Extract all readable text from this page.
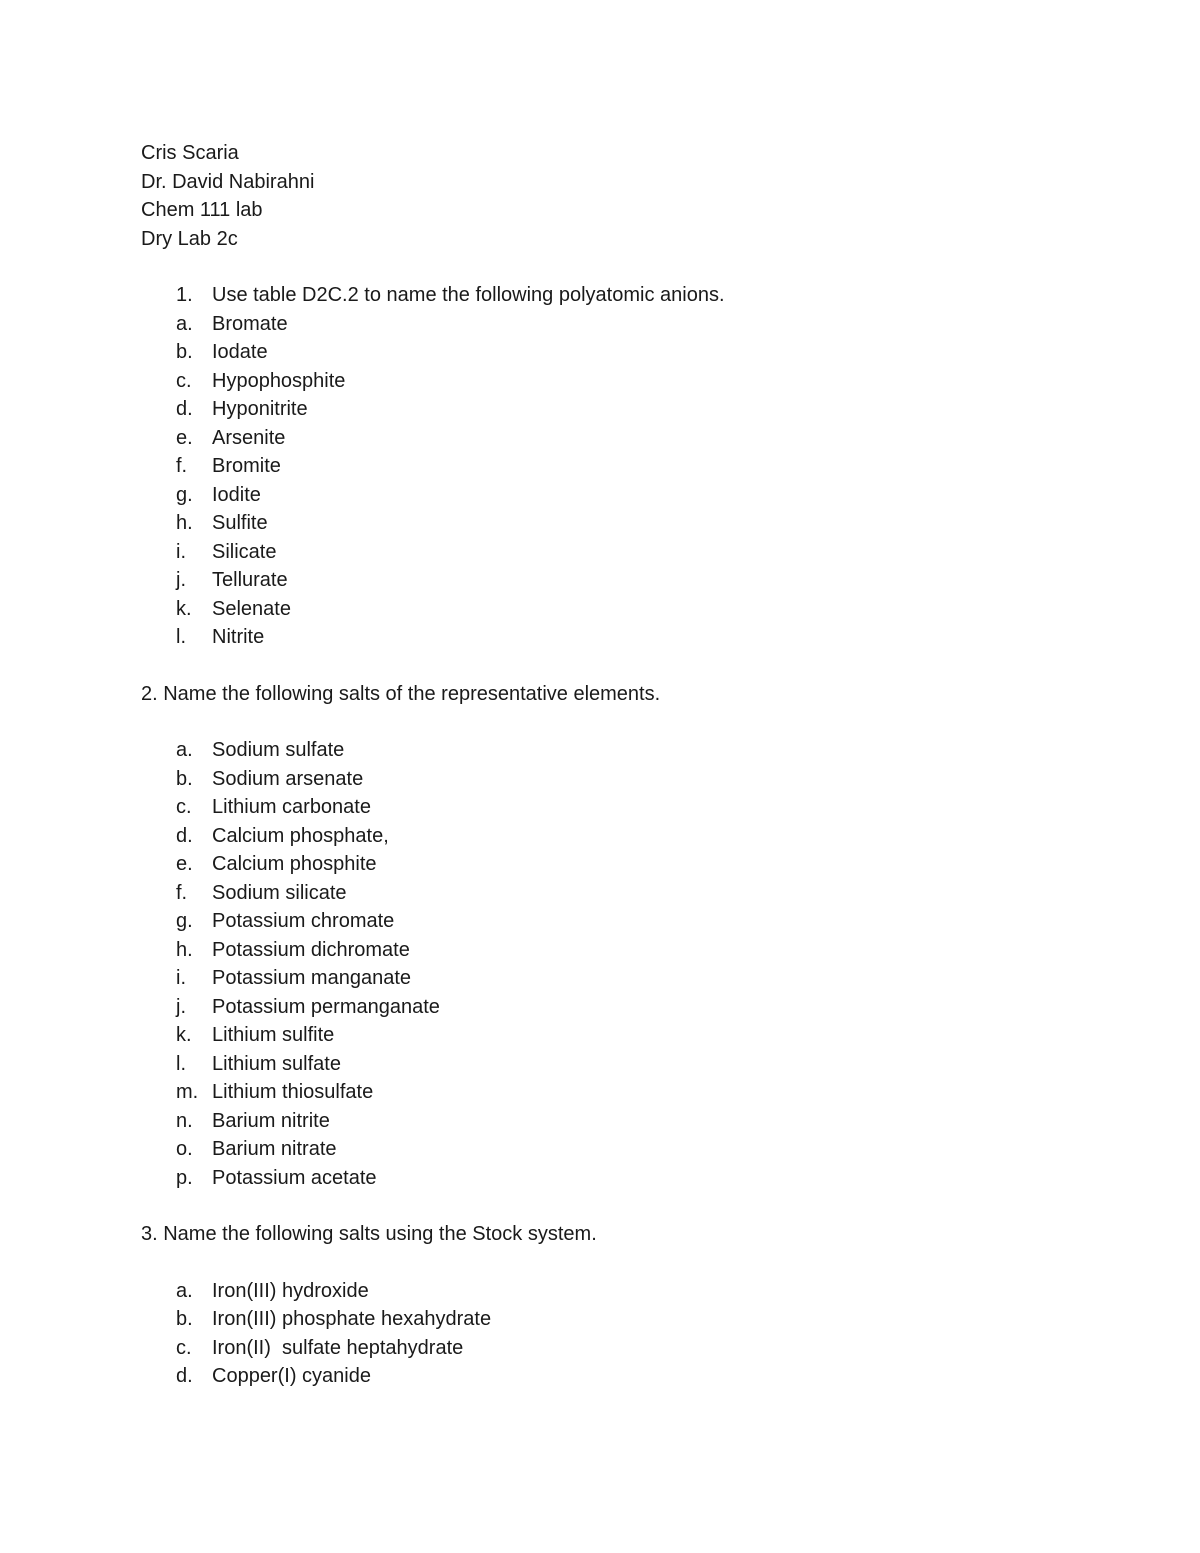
Cris Scaria
Dr. David Nabirahni
Chem 111 lab
Dry Lab 2c
1. Use table D2C.2 to name the following polyatomic anions.
a. Bromate
b. Iodate
c. Hypophosphite
d. Hyponitrite
e. Arsenite
f. Bromite
g. Iodite
h. Sulfite
i. Silicate
j. Tellurate
k. Selenate
l. Nitrite
2. Name the following salts of the representative elements.
a. Sodium sulfate
b. Sodium arsenate
c. Lithium carbonate
d. Calcium phosphate,
e. Calcium phosphite
f. Sodium silicate
g. Potassium chromate
h. Potassium dichromate
i. Potassium manganate
j. Potassium permanganate
k. Lithium sulfite
l. Lithium sulfate
m. Lithium thiosulfate
n. Barium nitrite
o. Barium nitrate
p. Potassium acetate
3. Name the following salts using the Stock system.
a. Iron(III) hydroxide
b. Iron(III) phosphate hexahydrate
c. Iron(II)  sulfate heptahydrate
d. Copper(I) cyanide
